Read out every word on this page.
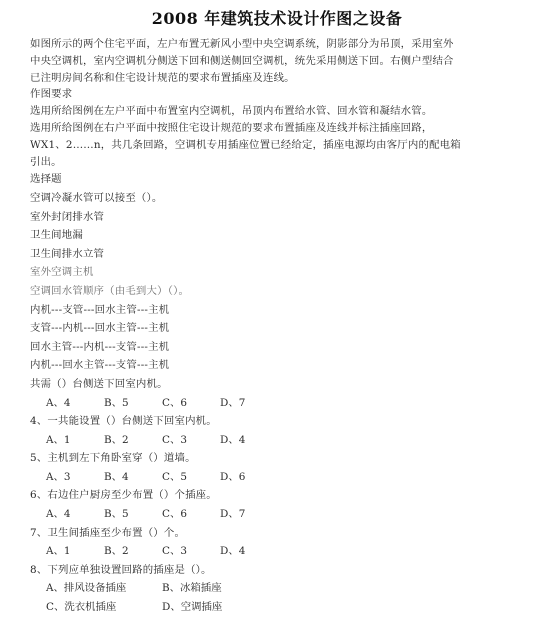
2008 年建筑技术设计作图之设备

如图所示的两个住宅平面，左户布置无新风小型中央空调系统，阴影部分为吊顶，采用室外

中央空调机，室内空调机分侧送下回和侧送侧回空调机，统先采用侧送下回。右侧户型结合

已注明房间名称和住宅设计规范的要求布置插座及连线。

作图要求

选用所给图例在左户平面中布置室内空调机，吊顶内布置给水管、回水管和凝结水管。

选用所给图例在右户平面中按照住宅设计规范的要求布置插座及连线并标注插座回路，

WX1、2……n，共几条回路，空调机专用插座位置已经给定，插座电源均由客厅内的配电箱

引出。

选择题

空调冷凝水管可以接至（）。

室外封闭排水管

卫生间地漏

卫生间排水立管

室外空调主机

空调回水管顺序（由毛到大）（）。

内机---支管---回水主管---主机

支管---内机---回水主管---主机

回水主管---内机---支管---主机

内机---回水主管---支管---主机

共需（）台侧送下回室内机。

A、4	B、5	C、6	D、7

4、一共能设置（）台侧送下回室内机。

A、1	B、2	C、3	D、4

5、主机到左下角卧室穿（）道墙。

A、3	B、4	C、5	D、6

6、右边住户厨房至少布置（）个插座。

A、4	B、5	C、6	D、7

7、卫生间插座至少布置（）个。

A、1	B、2	C、3	D、4

8、下列应单独设置回路的插座是（）。

A、排风设备插座	B、冰箱插座

C、洗衣机插座	D、空调插座
